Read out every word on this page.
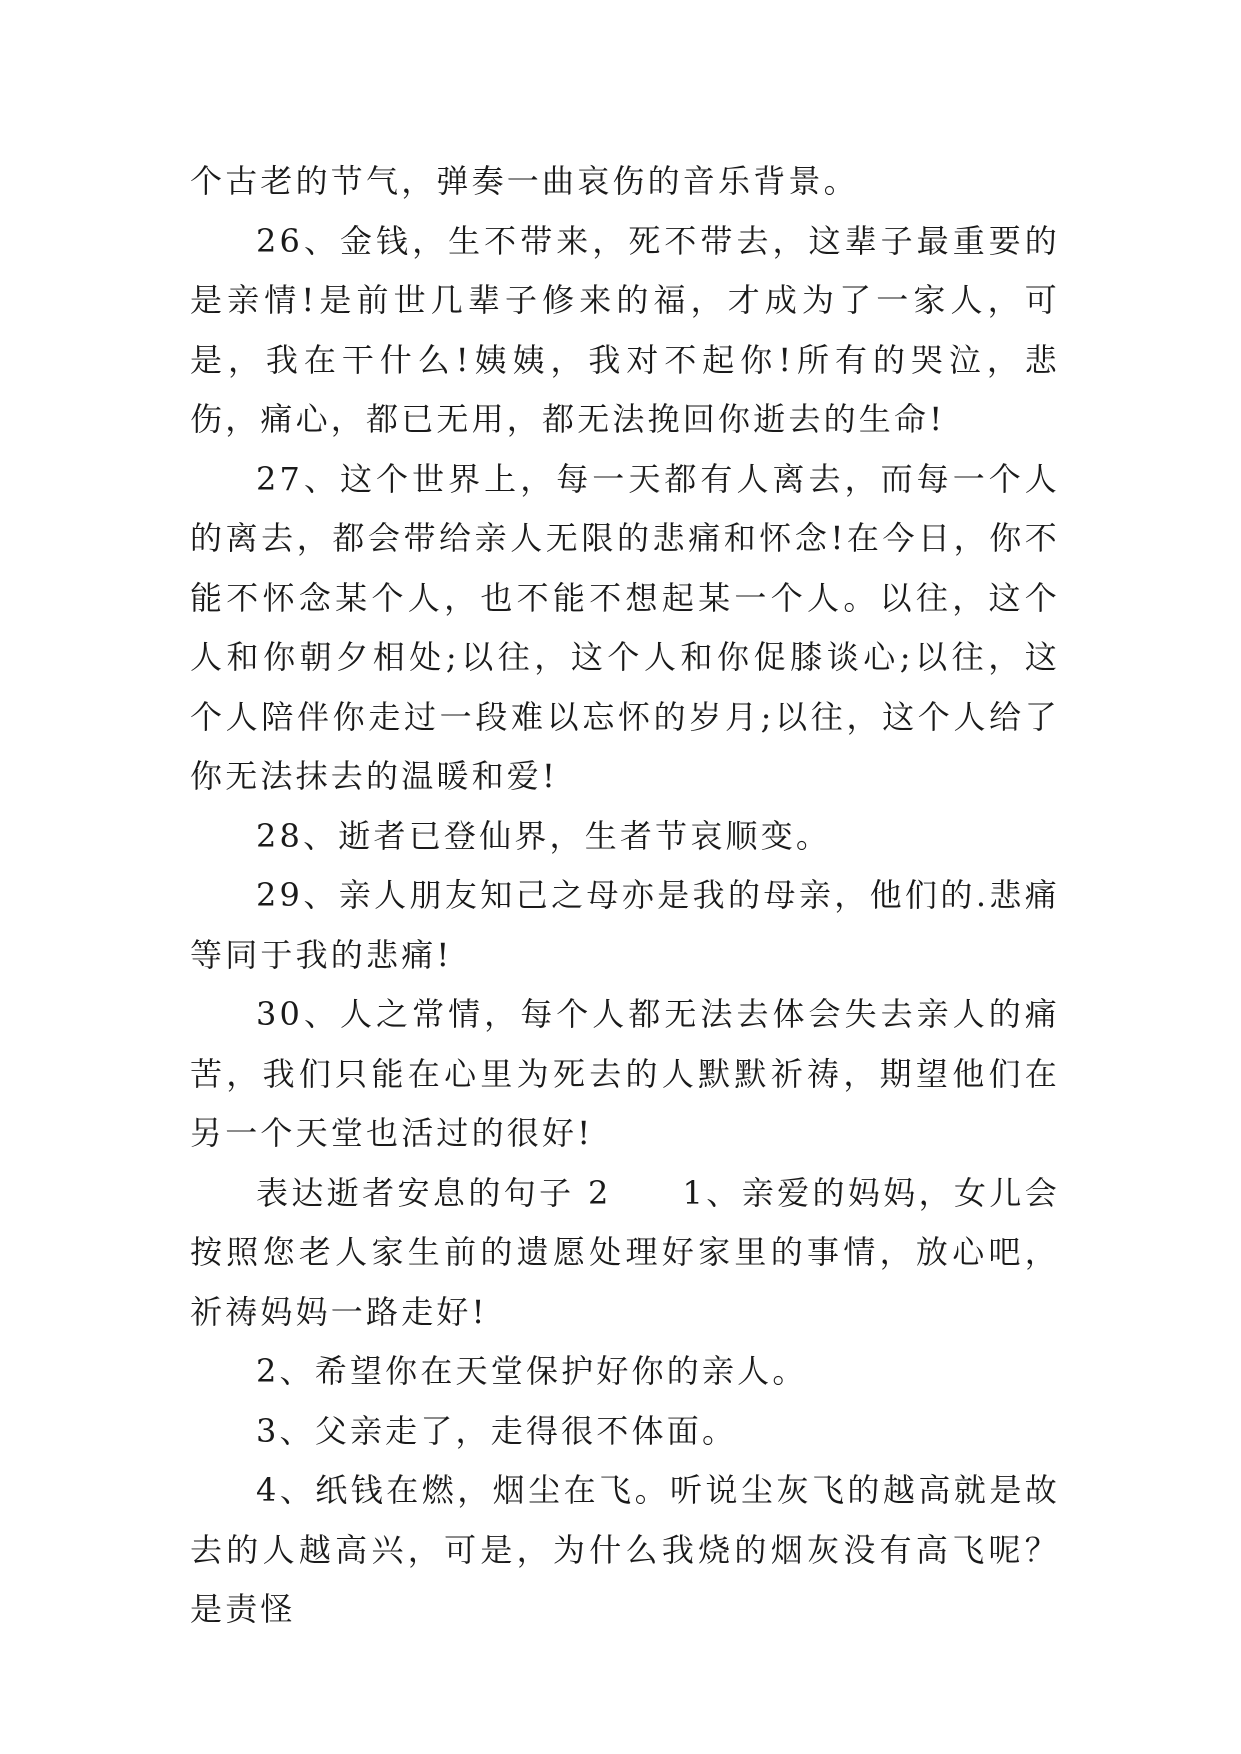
个古老的节气，弹奏一曲哀伤的音乐背景。

26、金钱，生不带来，死不带去，这辈子最重要的是亲情!是前世几辈子修来的福，才成为了一家人，可是，我在干什么!姨姨，我对不起你!所有的哭泣，悲伤，痛心，都已无用，都无法挽回你逝去的生命!

27、这个世界上，每一天都有人离去，而每一个人的离去，都会带给亲人无限的悲痛和怀念!在今日，你不能不怀念某个人，也不能不想起某一个人。以往，这个人和你朝夕相处;以往，这个人和你促膝谈心;以往，这个人陪伴你走过一段难以忘怀的岁月;以往，这个人给了你无法抹去的温暖和爱!

28、逝者已登仙界，生者节哀顺变。

29、亲人朋友知己之母亦是我的母亲，他们的.悲痛等同于我的悲痛!

30、人之常情，每个人都无法去体会失去亲人的痛苦，我们只能在心里为死去的人默默祈祷，期望他们在另一个天堂也活过的很好!

表达逝者安息的句子 2　　1、亲爱的妈妈，女儿会按照您老人家生前的遗愿处理好家里的事情，放心吧，祈祷妈妈一路走好!

2、希望你在天堂保护好你的亲人。

3、父亲走了，走得很不体面。

4、纸钱在燃，烟尘在飞。听说尘灰飞的越高就是故去的人越高兴，可是，为什么我烧的烟灰没有高飞呢？是责怪
